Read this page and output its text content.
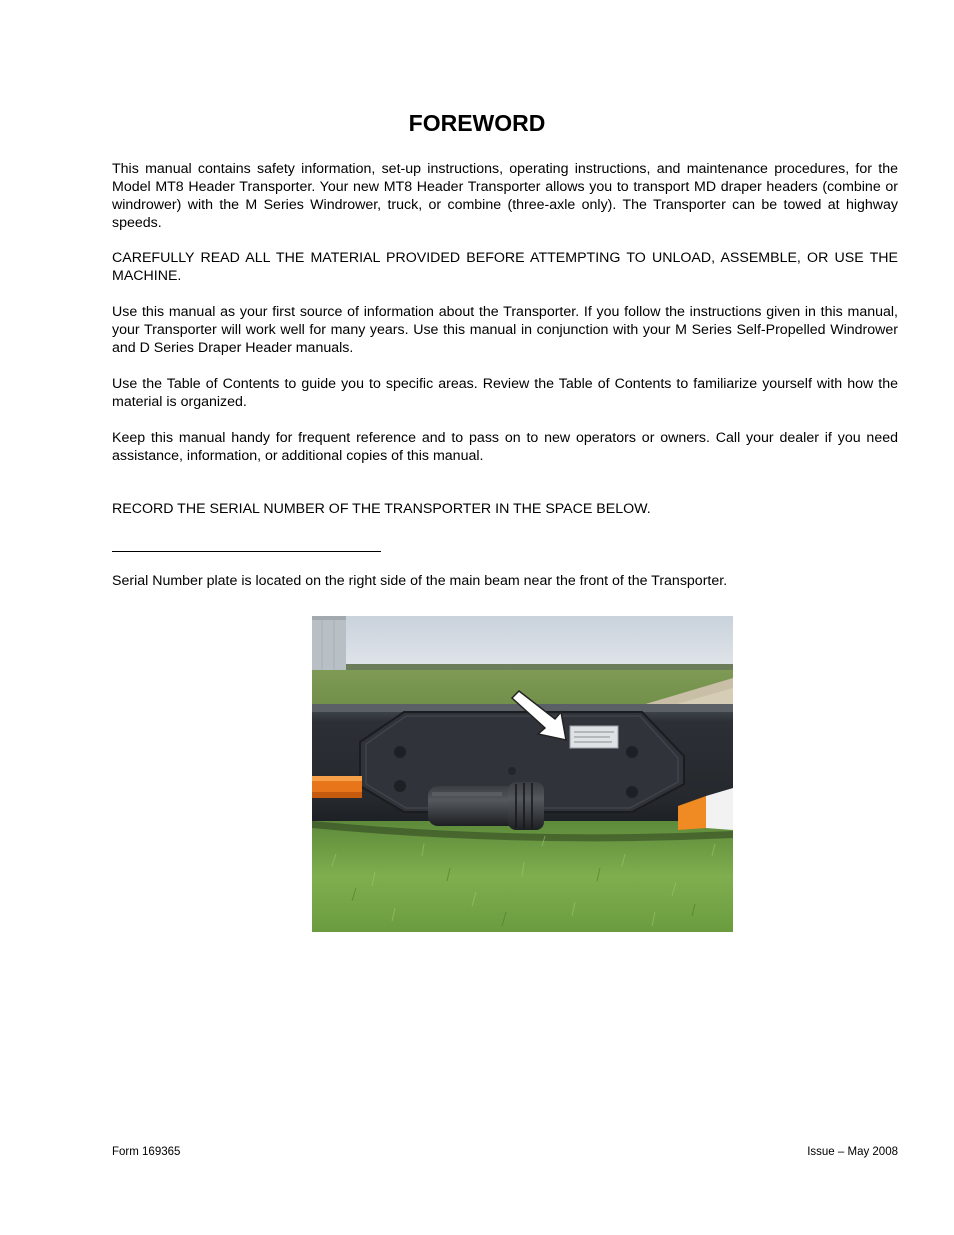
FOREWORD

This manual contains safety information, set-up instructions, operating instructions, and maintenance procedures, for the Model MT8 Header Transporter. Your new MT8 Header Transporter allows you to transport MD draper headers (combine or windrower) with the M Series Windrower, truck, or combine (three-axle only). The Transporter can be towed at highway speeds.

CAREFULLY READ ALL THE MATERIAL PROVIDED BEFORE ATTEMPTING TO UNLOAD, ASSEMBLE, OR USE THE MACHINE.

Use this manual as your first source of information about the Transporter. If you follow the instructions given in this manual, your Transporter will work well for many years. Use this manual in conjunction with your M Series Self-Propelled Windrower and D Series Draper Header manuals.

Use the Table of Contents to guide you to specific areas. Review the Table of Contents to familiarize yourself with how the material is organized.

Keep this manual handy for frequent reference and to pass on to new operators or owners. Call your dealer if you need assistance, information, or additional copies of this manual.

RECORD THE SERIAL NUMBER OF THE TRANSPORTER IN THE SPACE BELOW.

Serial Number plate is located on the right side of the main beam near the front of the Transporter.

Form 169365	Issue – May 2008
